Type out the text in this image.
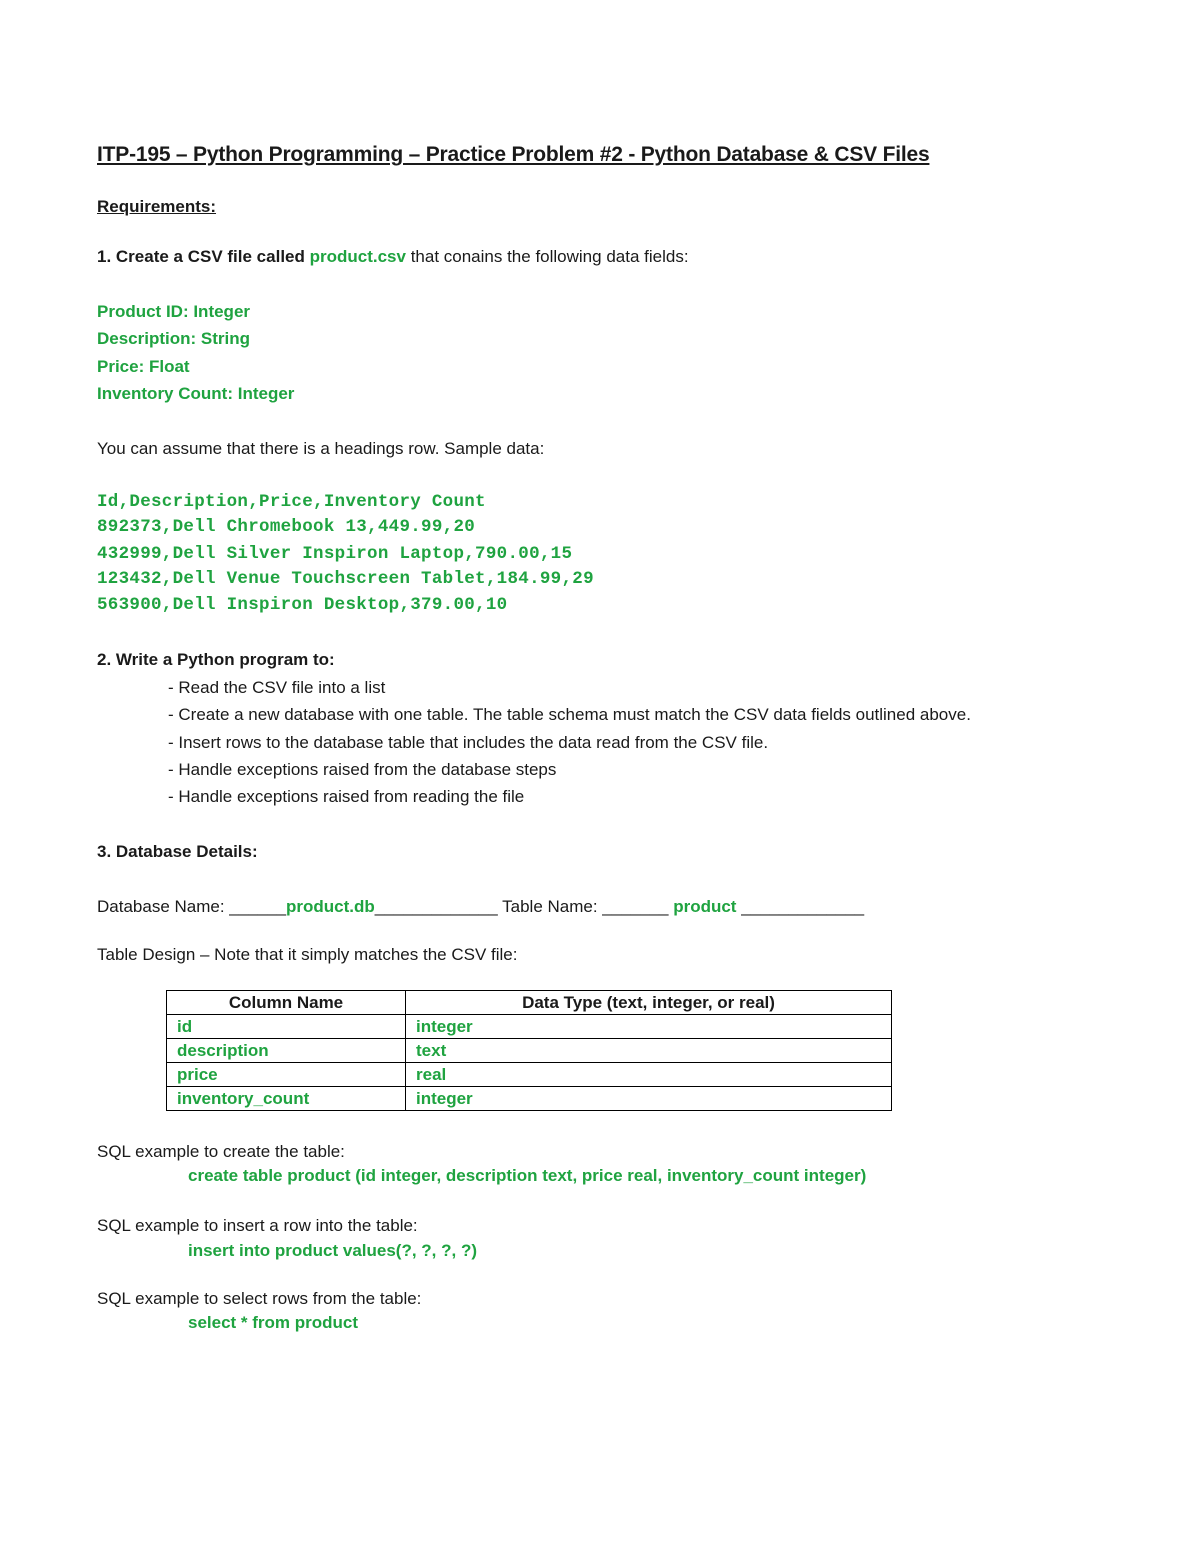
ITP-195 – Python Programming – Practice Problem #2 - Python Database & CSV Files
Requirements:
1. Create a CSV file called product.csv that conains the following data fields:
Product ID: Integer
Description: String
Price: Float
Inventory Count: Integer
You can assume that there is a headings row. Sample data:
Id,Description,Price,Inventory Count
892373,Dell Chromebook 13,449.99,20
432999,Dell Silver Inspiron Laptop,790.00,15
123432,Dell Venue Touchscreen Tablet,184.99,29
563900,Dell Inspiron Desktop,379.00,10
2. Write a Python program to:
- Read the CSV file into a list
- Create a new database with one table. The table schema must match the CSV data fields outlined above.
- Insert rows to the database table that includes the data read from the CSV file.
- Handle exceptions raised from the database steps
- Handle exceptions raised from reading the file
3. Database Details:
Database Name: ______product.db_____________ Table Name: _______ product _____________
Table Design – Note that it simply matches the CSV file:
Column Name	Data Type (text, integer, or real)
id	integer
description	text
price	real
inventory_count	integer
SQL example to create the table:
create table product (id integer, description text, price real, inventory_count integer)
SQL example to insert a row into the table:
insert into product values(?, ?, ?, ?)
SQL example to select rows from the table:
select * from product
